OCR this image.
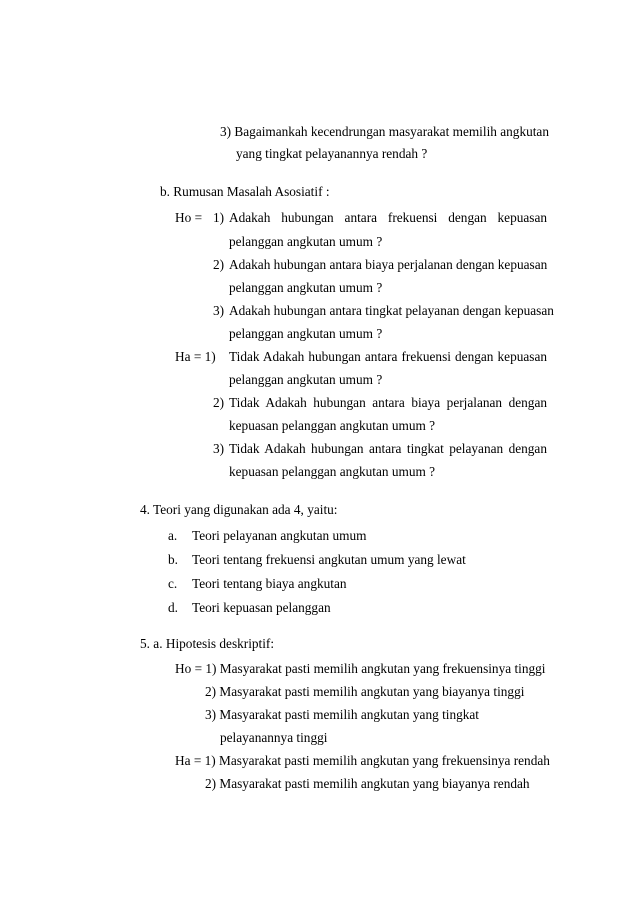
3) Bagaimankah kecendrungan masyarakat memilih angkutan
yang tingkat pelayanannya rendah ?
b. Rumusan Masalah Asosiatif :
Ho = 1) Adakah hubungan antara frekuensi dengan kepuasan
pelanggan angkutan umum ?
2) Adakah hubungan antara biaya perjalanan dengan kepuasan
pelanggan angkutan umum ?
3) Adakah hubungan antara tingkat pelayanan dengan kepuasan
pelanggan angkutan umum ?
Ha = 1) Tidak Adakah hubungan antara frekuensi dengan kepuasan
pelanggan angkutan umum ?
2) Tidak Adakah hubungan antara biaya perjalanan dengan
kepuasan pelanggan angkutan umum ?
3) Tidak Adakah hubungan antara tingkat pelayanan dengan
kepuasan pelanggan angkutan umum ?
4. Teori yang digunakan ada 4, yaitu:
a. Teori pelayanan angkutan umum
b. Teori tentang frekuensi angkutan umum yang lewat
c. Teori tentang biaya angkutan
d. Teori kepuasan pelanggan
5. a. Hipotesis deskriptif:
Ho = 1) Masyarakat pasti memilih angkutan yang frekuensinya tinggi
2) Masyarakat pasti memilih angkutan yang biayanya tinggi
3) Masyarakat pasti memilih angkutan yang tingkat
pelayanannya tinggi
Ha = 1) Masyarakat pasti memilih angkutan yang frekuensinya rendah
2) Masyarakat pasti memilih angkutan yang biayanya rendah
